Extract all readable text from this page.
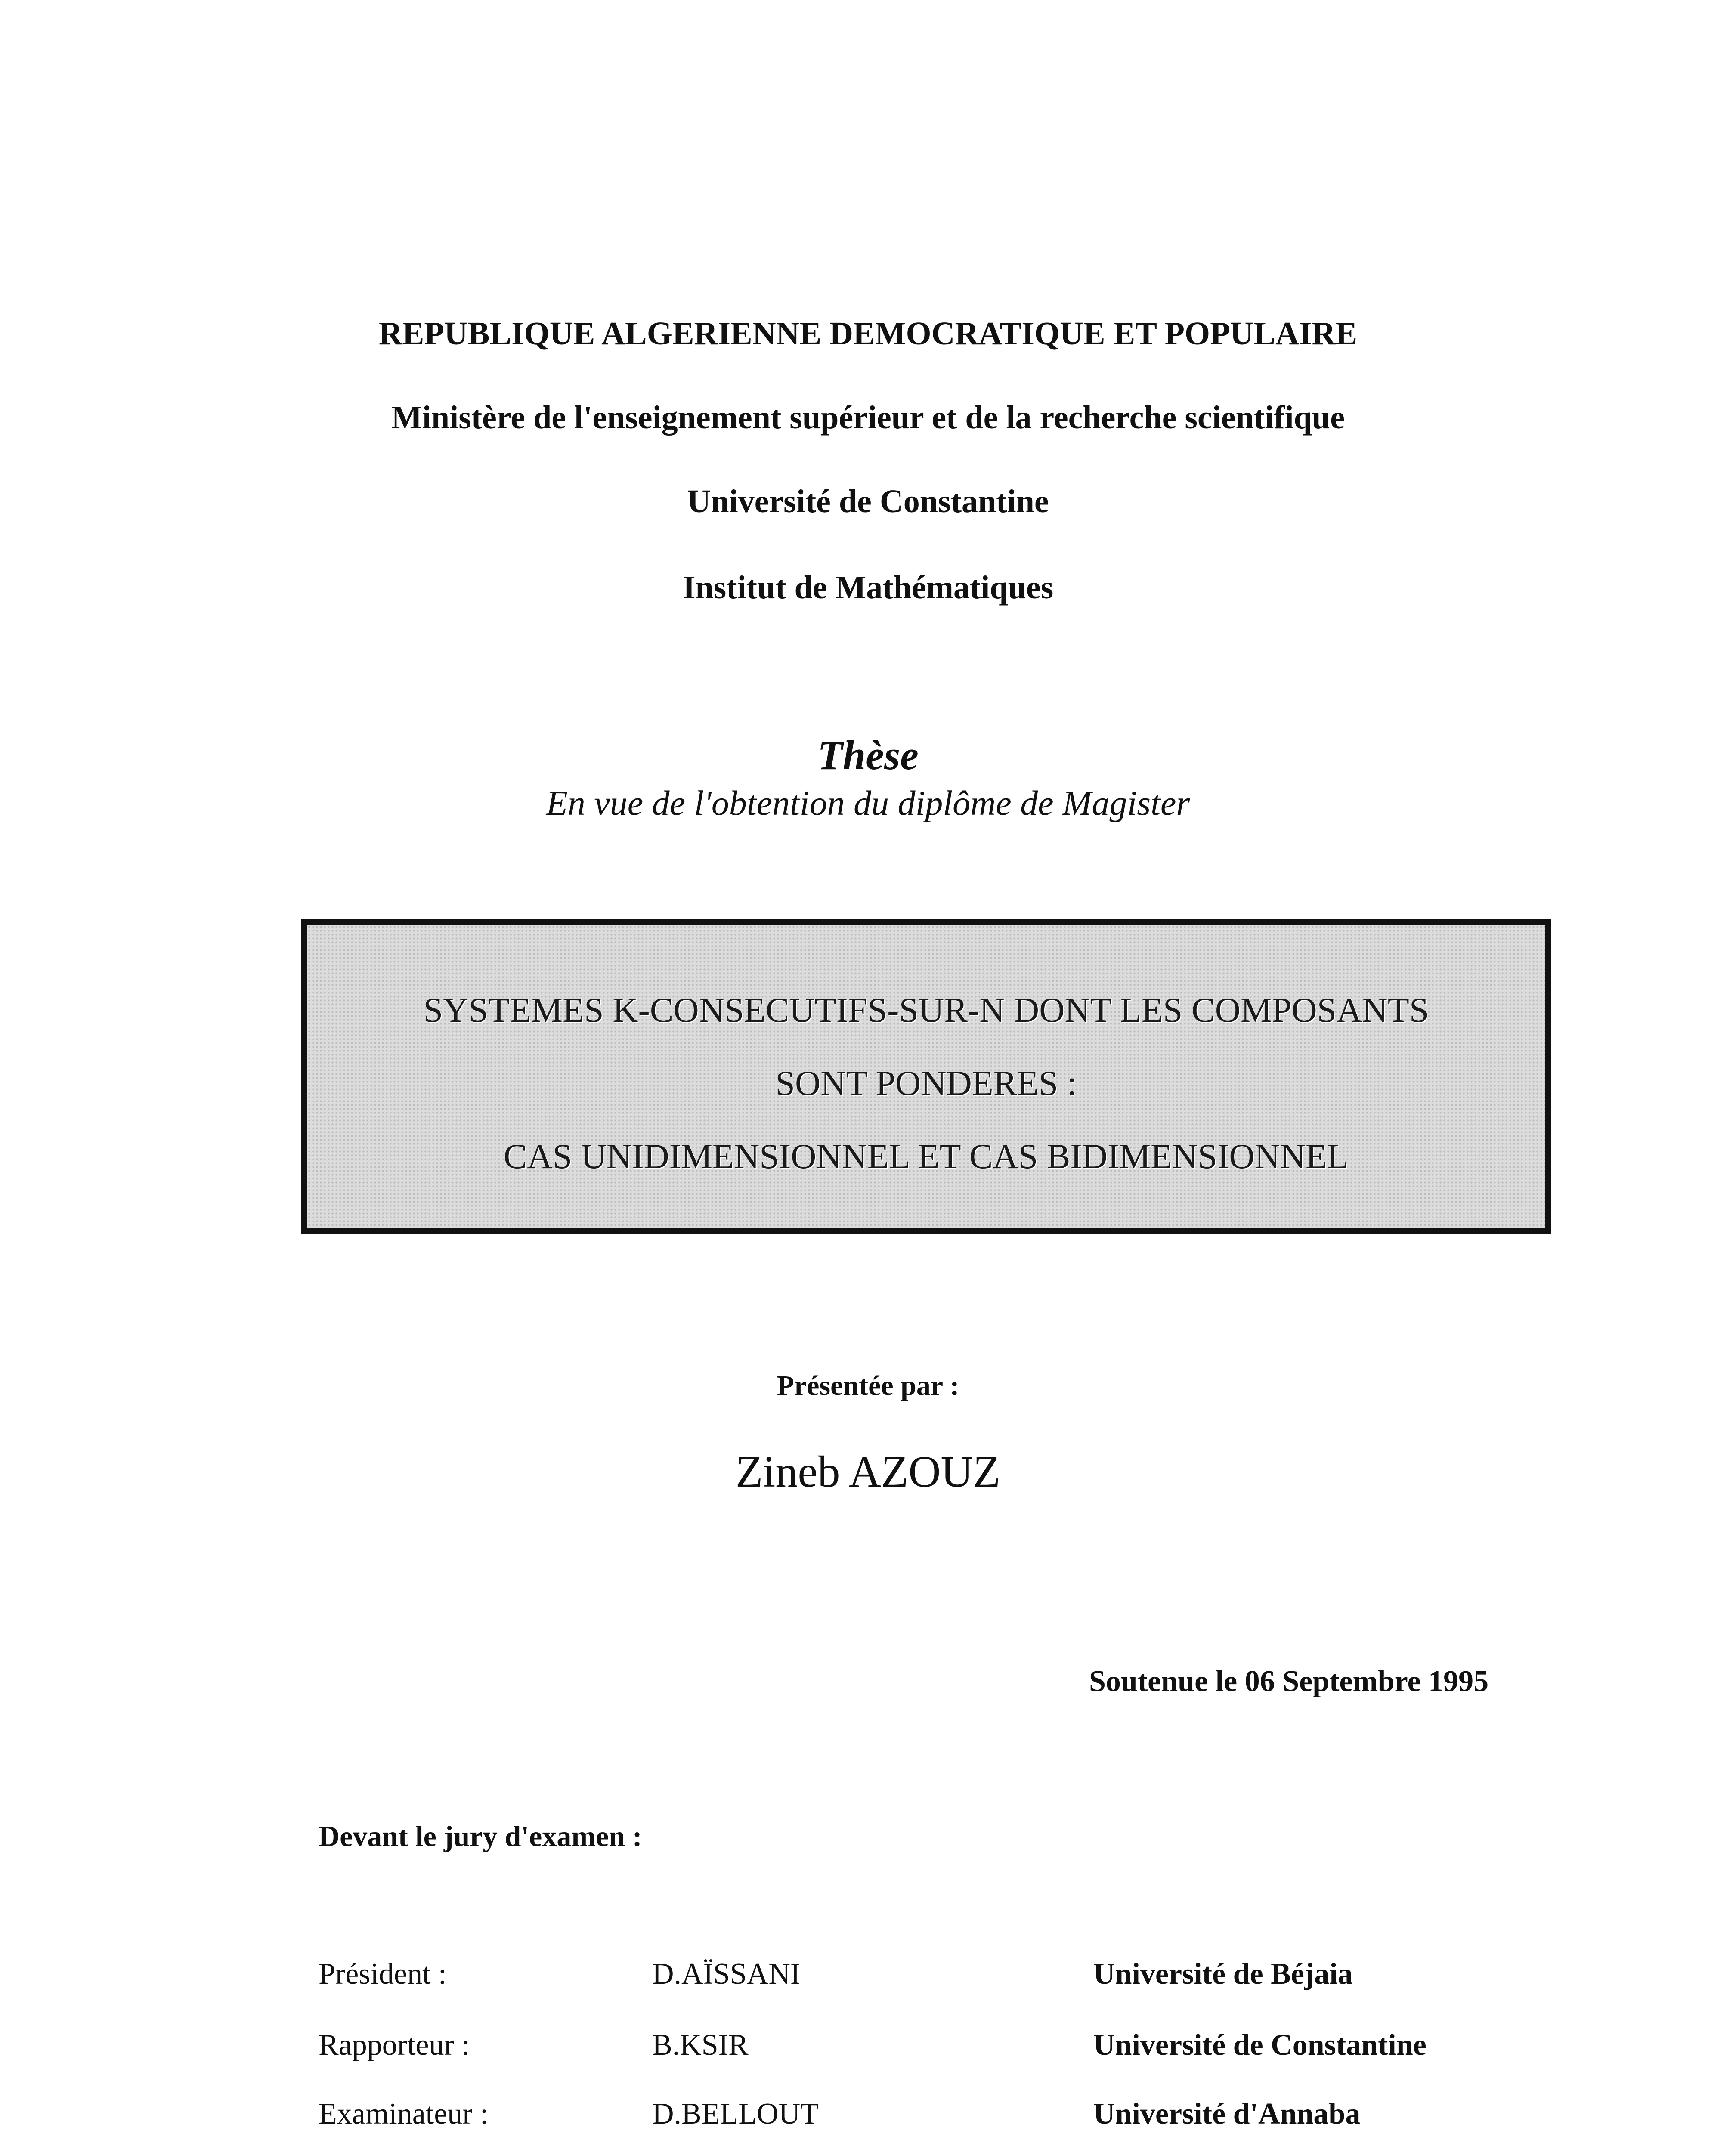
REPUBLIQUE ALGERIENNE DEMOCRATIQUE ET POPULAIRE
Ministère de l'enseignement supérieur et de la recherche scientifique
Université de Constantine
Institut de Mathématiques
Thèse
En vue de l'obtention du diplôme de Magister
SYSTEMES K-CONSECUTIFS-SUR-N DONT LES COMPOSANTS
SONT PONDERES :
CAS UNIDIMENSIONNEL ET CAS BIDIMENSIONNEL
Présentée par :
Zineb AZOUZ
Soutenue le 06 Septembre 1995
Devant le jury d'examen :
Président :	D.AÏSSANI	Université de Béjaia
Rapporteur :	B.KSIR	Université de Constantine
Examinateur :	D.BELLOUT	Université d'Annaba
